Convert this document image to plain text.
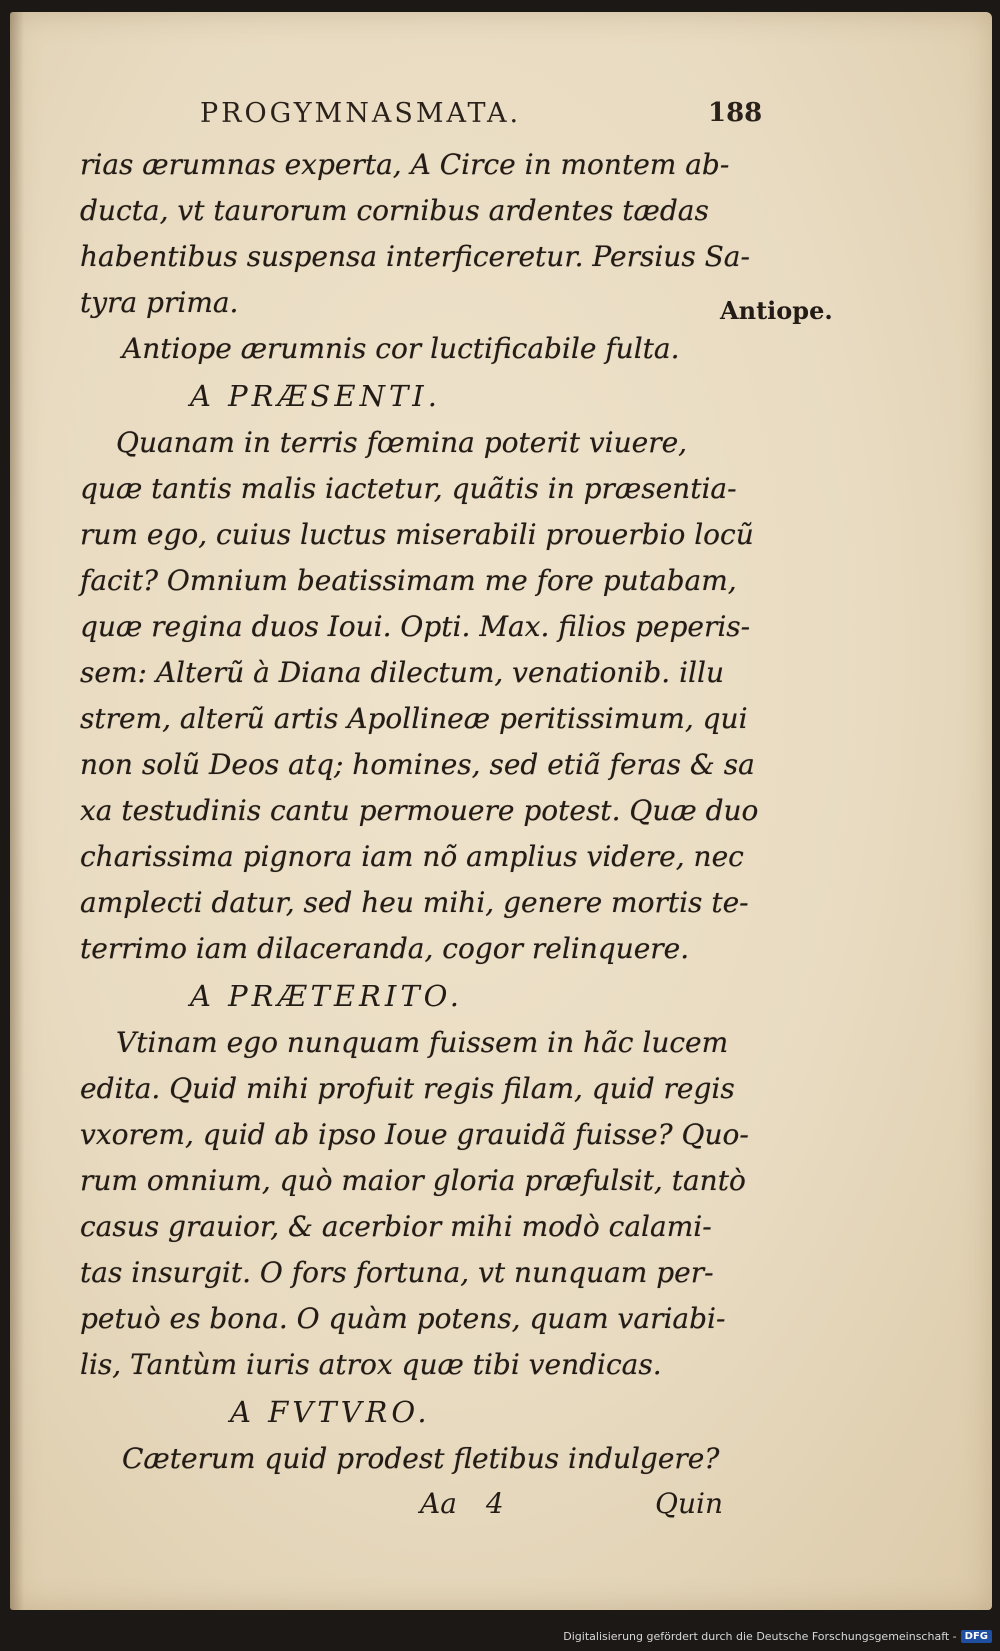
PROGYMNASMATA.	188
Antiope.
rias ærumnas experta, A Circe in montem ab-
ducta, vt taurorum cornibus ardentes tædas
habentibus suspensa interficeretur. Persius Sa-
tyra prima.
Antiope ærumnis cor luctificabile fulta.
A PRÆSENTI.
Quanam in terris fœmina poterit viuere,
quæ tantis malis iactetur, quãtis in præsentia-
rum ego, cuius luctus miserabili prouerbio locũ
facit? Omnium beatissimam me fore putabam,
quæ regina duos Ioui. Opti. Max. filios peperis-
sem: Alterũ à Diana dilectum, venationib. illu
strem, alterũ artis Apollineæ peritissimum, qui
non solũ Deos atq; homines, sed etiã feras & sa
xa testudinis cantu permouere potest. Quæ duo
charissima pignora iam nõ amplius videre, nec
amplecti datur, sed heu mihi, genere mortis te-
terrimo iam dilaceranda, cogor relinquere.
A PRÆTERITO.
Vtinam ego nunquam fuissem in hãc lucem
edita. Quid mihi profuit regis filam, quid regis
vxorem, quid ab ipso Ioue grauidã fuisse? Quo-
rum omnium, quò maior gloria præfulsit, tantò
casus grauior, & acerbior mihi modò calami-
tas insurgit. O fors fortuna, vt nunquam per-
petuò es bona. O quàm potens, quam variabi-
lis, Tantùm iuris atrox quæ tibi vendicas.
A FVTVRO.
Cæterum quid prodest fletibus indulgere?
Aa 4	Quin
Digitalisierung gefördert durch die Deutsche Forschungsgemeinschaft - DFG
